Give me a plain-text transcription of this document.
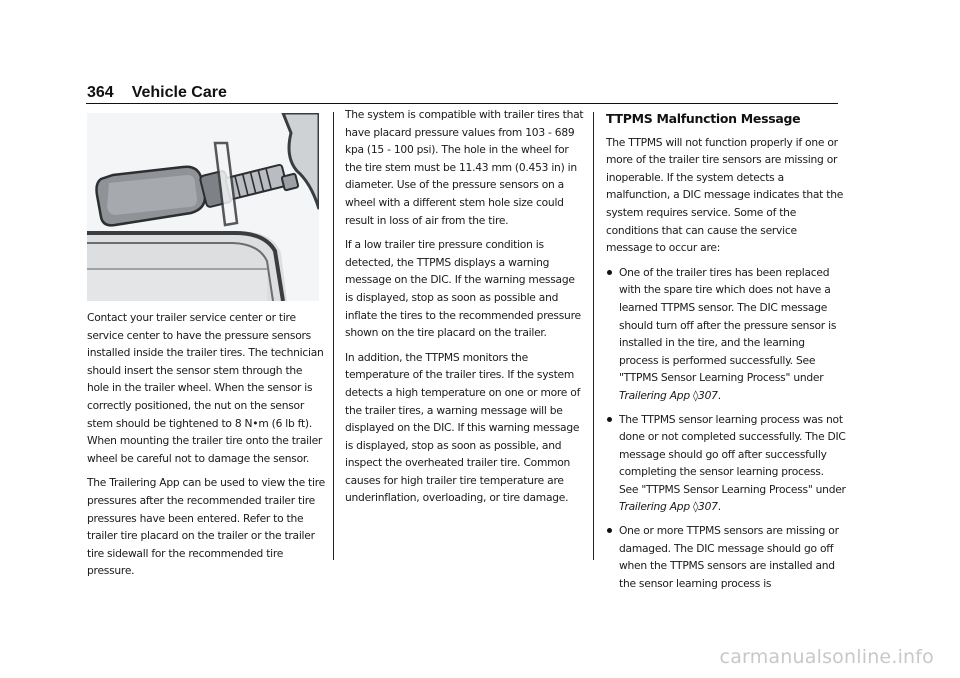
364 Vehicle Care

Contact your trailer service center or tire service center to have the pressure sensors installed inside the trailer tires. The technician should insert the sensor stem through the hole in the trailer wheel. When the sensor is correctly positioned, the nut on the sensor stem should be tightened to 8 N•m (6 lb ft). When mounting the trailer tire onto the trailer wheel be careful not to damage the sensor.

The Trailering App can be used to view the tire pressures after the recommended trailer tire pressures have been entered. Refer to the trailer tire placard on the trailer or the trailer tire sidewall for the recommended tire pressure.

The system is compatible with trailer tires that have placard pressure values from 103 - 689 kpa (15 - 100 psi). The hole in the wheel for the tire stem must be 11.43 mm (0.453 in) in diameter. Use of the pressure sensors on a wheel with a different stem hole size could result in loss of air from the tire.

If a low trailer tire pressure condition is detected, the TTPMS displays a warning message on the DIC. If the warning message is displayed, stop as soon as possible and inflate the tires to the recommended pressure shown on the tire placard on the trailer.

In addition, the TTPMS monitors the temperature of the trailer tires. If the system detects a high temperature on one or more of the trailer tires, a warning message will be displayed on the DIC. If this warning message is displayed, stop as soon as possible, and inspect the overheated trailer tire. Common causes for high trailer tire temperature are underinflation, overloading, or tire damage.

TTPMS Malfunction Message

The TTPMS will not function properly if one or more of the trailer tire sensors are missing or inoperable. If the system detects a malfunction, a DIC message indicates that the system requires service. Some of the conditions that can cause the service message to occur are:

One of the trailer tires has been replaced with the spare tire which does not have a learned TTPMS sensor. The DIC message should turn off after the pressure sensor is installed in the tire, and the learning process is performed successfully. See "TTPMS Sensor Learning Process" under Trailering App ◊307.
The TTPMS sensor learning process was not done or not completed successfully. The DIC message should go off after successfully completing the sensor learning process. See "TTPMS Sensor Learning Process" under Trailering App ◊307.
One or more TTPMS sensors are missing or damaged. The DIC message should go off when the TTPMS sensors are installed and the sensor learning process is
carmanualsonline.info
